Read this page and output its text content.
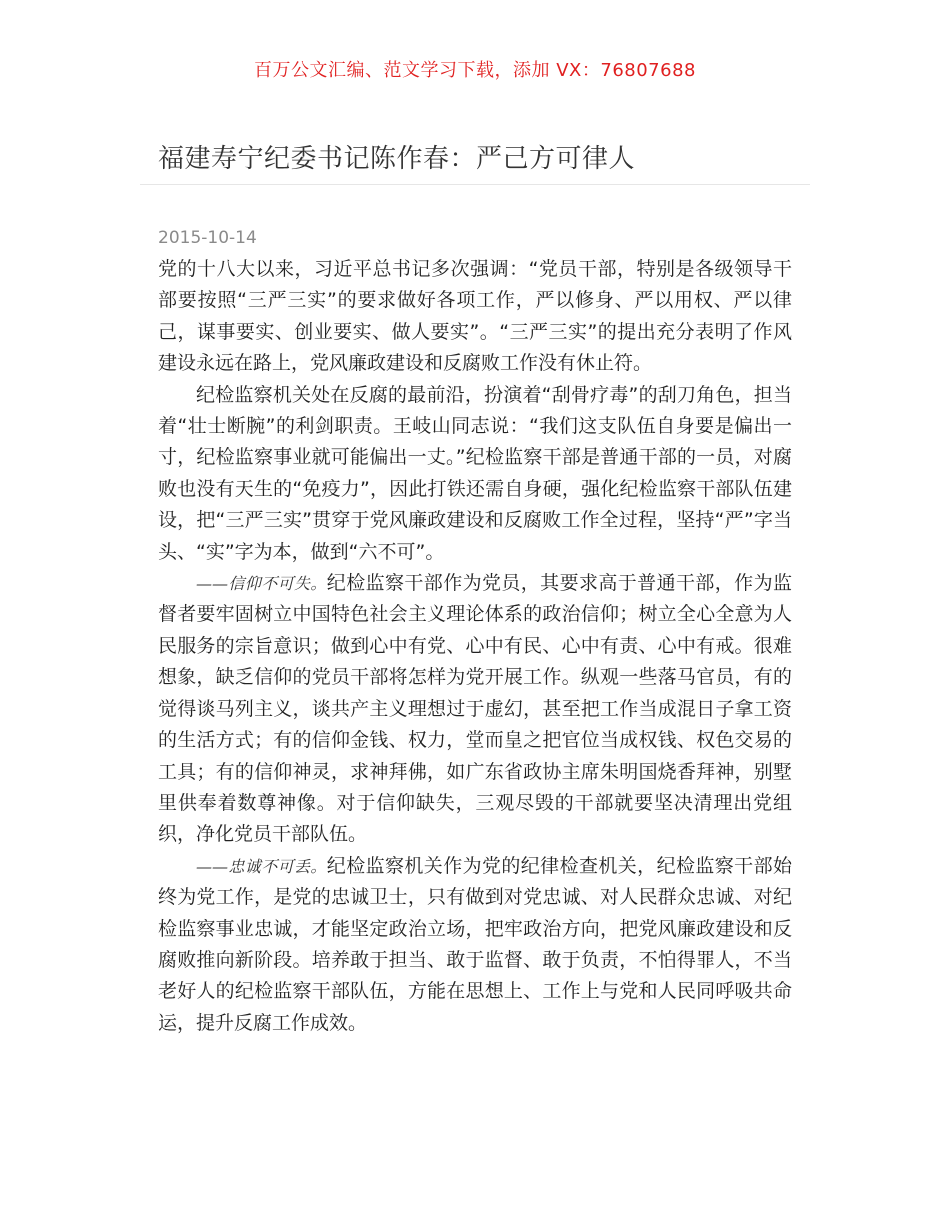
百万公文汇编、范文学习下载，添加 VX：76807688
福建寿宁纪委书记陈作春：严己方可律人
2015-10-14

党的十八大以来，习近平总书记多次强调：“党员干部，特别是各级领导干部要按照“三严三实”的要求做好各项工作，严以修身、严以用权、严以律己，谋事要实、创业要实、做人要实”。“三严三实”的提出充分表明了作风建设永远在路上，党风廉政建设和反腐败工作没有休止符。

纪检监察机关处在反腐的最前沿，扮演着“刮骨疗毒”的刮刀角色，担当着“壮士断腕”的利剑职责。王岐山同志说：“我们这支队伍自身要是偏出一寸，纪检监察事业就可能偏出一丈。”纪检监察干部是普通干部的一员，对腐败也没有天生的“免疫力”，因此打铁还需自身硬，强化纪检监察干部队伍建设，把“三严三实”贯穿于党风廉政建设和反腐败工作全过程，坚持“严”字当头、“实”字为本，做到“六不可”。

——信仰不可失。纪检监察干部作为党员，其要求高于普通干部，作为监督者要牢固树立中国特色社会主义理论体系的政治信仰；树立全心全意为人民服务的宗旨意识；做到心中有党、心中有民、心中有责、心中有戒。很难想象，缺乏信仰的党员干部将怎样为党开展工作。纵观一些落马官员，有的觉得谈马列主义，谈共产主义理想过于虚幻，甚至把工作当成混日子拿工资的生活方式；有的信仰金钱、权力，堂而皇之把官位当成权钱、权色交易的工具；有的信仰神灵，求神拜佛，如广东省政协主席朱明国烧香拜神，别墅里供奉着数尊神像。对于信仰缺失，三观尽毁的干部就要坚决清理出党组织，净化党员干部队伍。

——忠诚不可丢。纪检监察机关作为党的纪律检查机关，纪检监察干部始终为党工作，是党的忠诚卫士，只有做到对党忠诚、对人民群众忠诚、对纪检监察事业忠诚，才能坚定政治立场，把牢政治方向，把党风廉政建设和反腐败推向新阶段。培养敢于担当、敢于监督、敢于负责，不怕得罪人，不当老好人的纪检监察干部队伍，方能在思想上、工作上与党和人民同呼吸共命运，提升反腐工作成效。
